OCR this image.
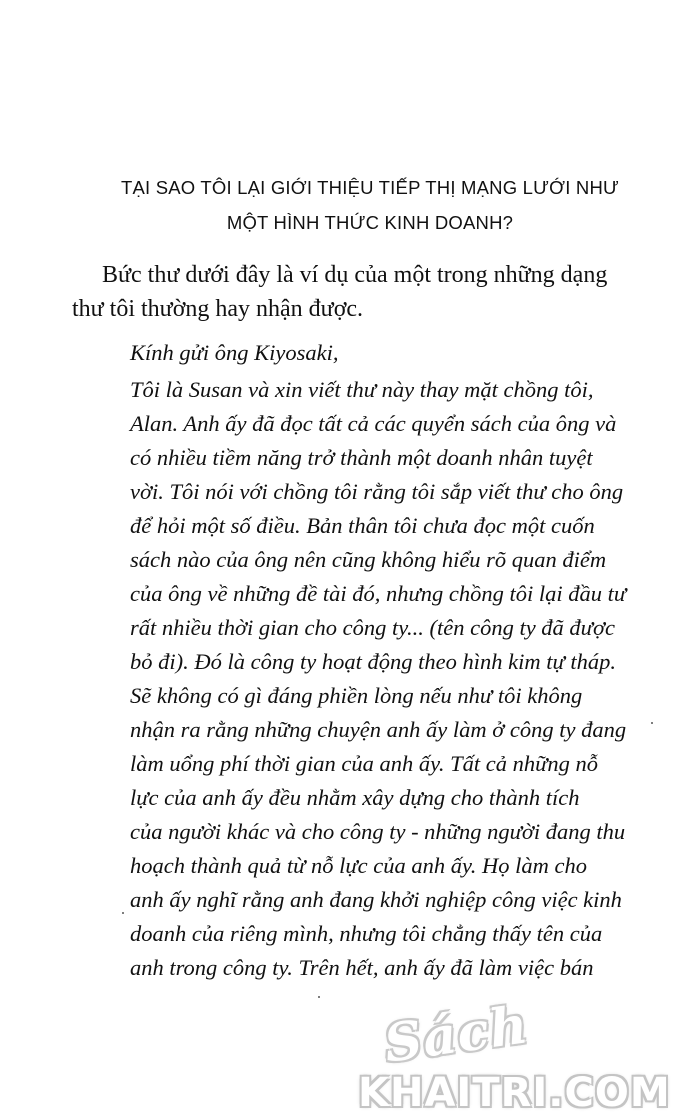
TẠI SAO TÔI LẠI GIỚI THIỆU TIẾP THỊ MẠNG LƯỚI NHƯ
MỘT HÌNH THỨC KINH DOANH?
Bức thư dưới đây là ví dụ của một trong những dạng
thư tôi thường hay nhận được.
Kính gửi ông Kiyosaki,
Tôi là Susan và xin viết thư này thay mặt chồng tôi,
Alan. Anh ấy đã đọc tất cả các quyển sách của ông và
có nhiều tiềm năng trở thành một doanh nhân tuyệt
vời. Tôi nói với chồng tôi rằng tôi sắp viết thư cho ông
để hỏi một số điều. Bản thân tôi chưa đọc một cuốn
sách nào của ông nên cũng không hiểu rõ quan điểm
của ông về những đề tài đó, nhưng chồng tôi lại đầu tư
rất nhiều thời gian cho công ty... (tên công ty đã được
bỏ đi). Đó là công ty hoạt động theo hình kim tự tháp.
Sẽ không có gì đáng phiền lòng nếu như tôi không
nhận ra rằng những chuyện anh ấy làm ở công ty đang
làm uổng phí thời gian của anh ấy. Tất cả những nỗ
lực của anh ấy đều nhằm xây dựng cho thành tích
của người khác và cho công ty - những người đang thu
hoạch thành quả từ nỗ lực của anh ấy. Họ làm cho
anh ấy nghĩ rằng anh đang khởi nghiệp công việc kinh
doanh của riêng mình, nhưng tôi chẳng thấy tên của
anh trong công ty. Trên hết, anh ấy đã làm việc bán
Sách
KHAITRI.COM
